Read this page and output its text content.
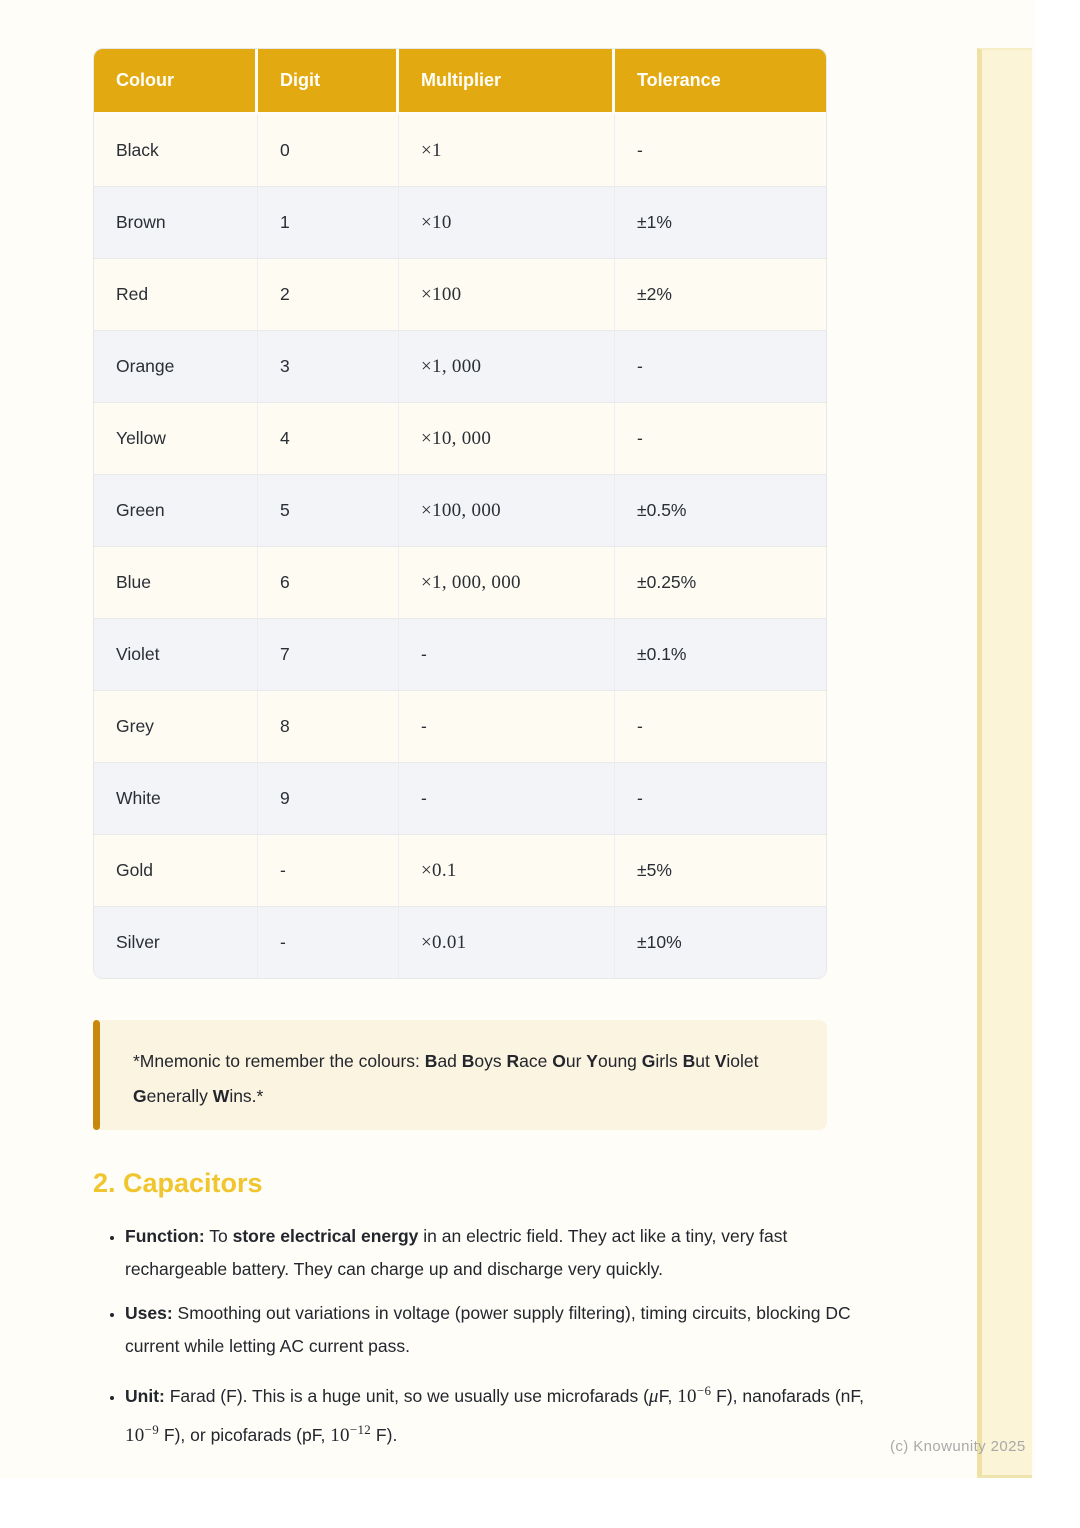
Colour	Digit	Multiplier	Tolerance
Black	0	×1	-
Brown	1	×10	±1%
Red	2	×100	±2%
Orange	3	×1, 000	-
Yellow	4	×10, 000	-
Green	5	×100, 000	±0.5%
Blue	6	×1, 000, 000	±0.25%
Violet	7	-	±0.1%
Grey	8	-	-
White	9	-	-
Gold	-	×0.1	±5%
Silver	-	×0.01	±10%

*Mnemonic to remember the colours: Bad Boys Race Our Young Girls But Violet Generally Wins.*

2. Capacitors
• Function: To store electrical energy in an electric field. They act like a tiny, very fast rechargeable battery. They can charge up and discharge very quickly.
• Uses: Smoothing out variations in voltage (power supply filtering), timing circuits, blocking DC current while letting AC current pass.
• Unit: Farad (F). This is a huge unit, so we usually use microfarads (μF, $10^{-6}$ F), nanofarads (nF, $10^{-9}$ F), or picofarads (pF, $10^{-12}$ F).
(c) Knowunity 2025
